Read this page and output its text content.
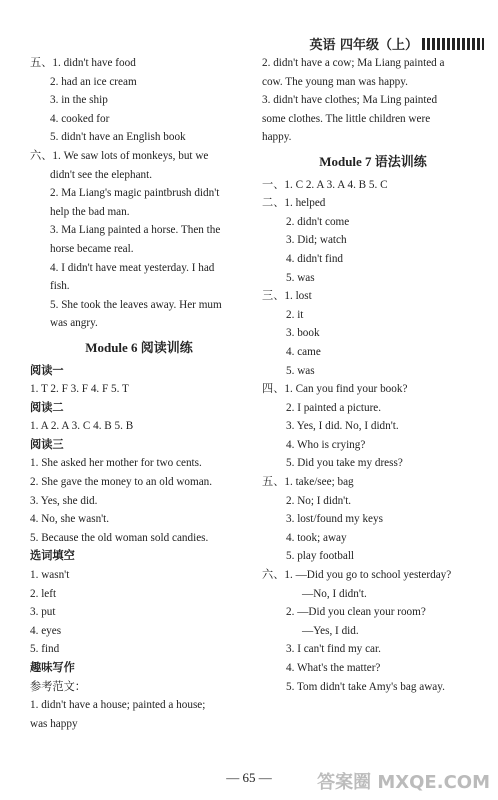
英语 四年级（上）
五、1. didn't have food
2. had an ice cream
3. in the ship
4. cooked for
5. didn't have an English book
六、1. We saw lots of monkeys, but we
didn't see the elephant.
2. Ma Liang's magic paintbrush didn't
help the bad man.
3. Ma Liang painted a horse. Then the
horse became real.
4. I didn't have meat yesterday. I had
fish.
5. She took the leaves away. Her mum
was angry.
Module 6 阅读训练
阅读一
1. T 2. F 3. F 4. F 5. T
阅读二
1. A 2. A 3. C 4. B 5. B
阅读三
1. She asked her mother for two cents.
2. She gave the money to an old woman.
3. Yes, she did.
4. No, she wasn't.
5. Because the old woman sold candies.
选词填空
1. wasn't
2. left
3. put
4. eyes
5. find
趣味写作
参考范文：
1. didn't have a house; painted a house;
was happy
2. didn't have a cow; Ma Liang painted a
cow. The young man was happy.
3. didn't have clothes; Ma Ling painted
some clothes. The little children were
happy.
Module 7 语法训练
一、1. C 2. A 3. A 4. B 5. C
二、1. helped
2. didn't come
3. Did; watch
4. didn't find
5. was
三、1. lost
2. it
3. book
4. came
5. was
四、1. Can you find your book?
2. I painted a picture.
3. Yes, I did. No, I didn't.
4. Who is crying?
5. Did you take my dress?
五、1. take/see; bag
2. No; I didn't.
3. lost/found my keys
4. took; away
5. play football
六、1. —Did you go to school yesterday?
—No, I didn't.
2. —Did you clean your room?
—Yes, I did.
3. I can't find my car.
4. What's the matter?
5. Tom didn't take Amy's bag away.
— 65 —	答案圈 MXQE.COM
